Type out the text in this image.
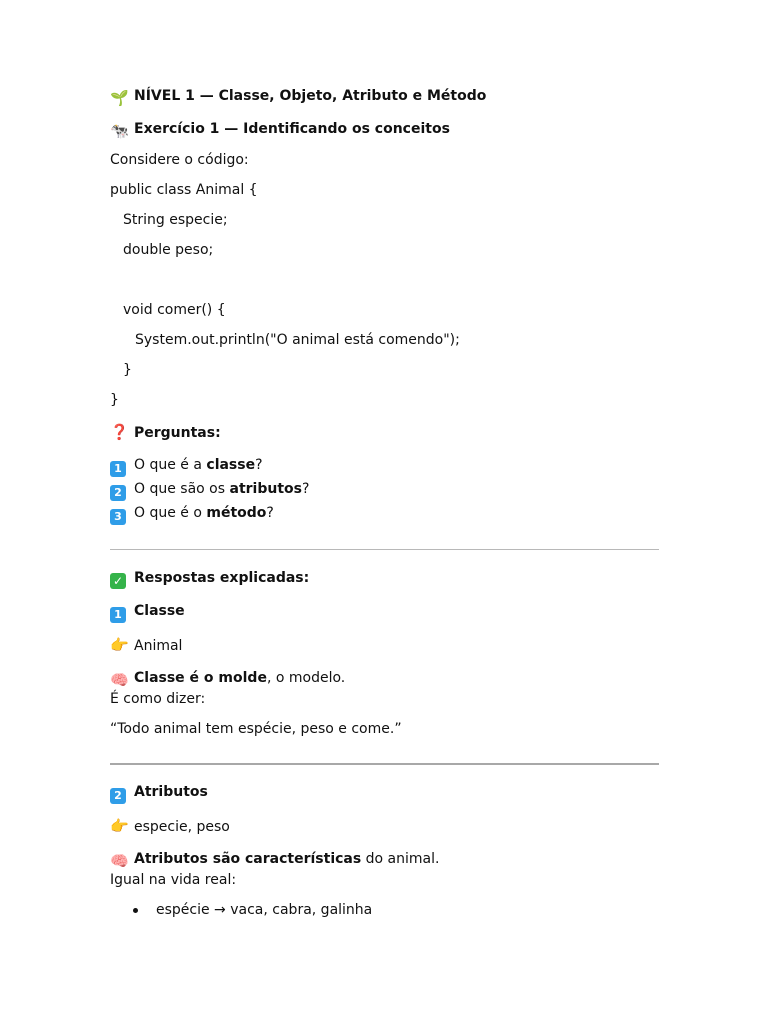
🌱 NÍVEL 1 — Classe, Objeto, Atributo e Método
🐄 Exercício 1 — Identificando os conceitos
Considere o código:
public class Animal {
String especie;
double peso;
void comer() {
System.out.println("O animal está comendo");
}
}
❓ Perguntas:
1 O que é a classe?
2 O que são os atributos?
3 O que é o método?
✓ Respostas explicadas:
1 Classe
👉 Animal
🧠 Classe é o molde, o modelo.
É como dizer:
“Todo animal tem espécie, peso e come.”
2 Atributos
👉 especie, peso
🧠 Atributos são características do animal.
Igual na vida real:
espécie → vaca, cabra, galinha
